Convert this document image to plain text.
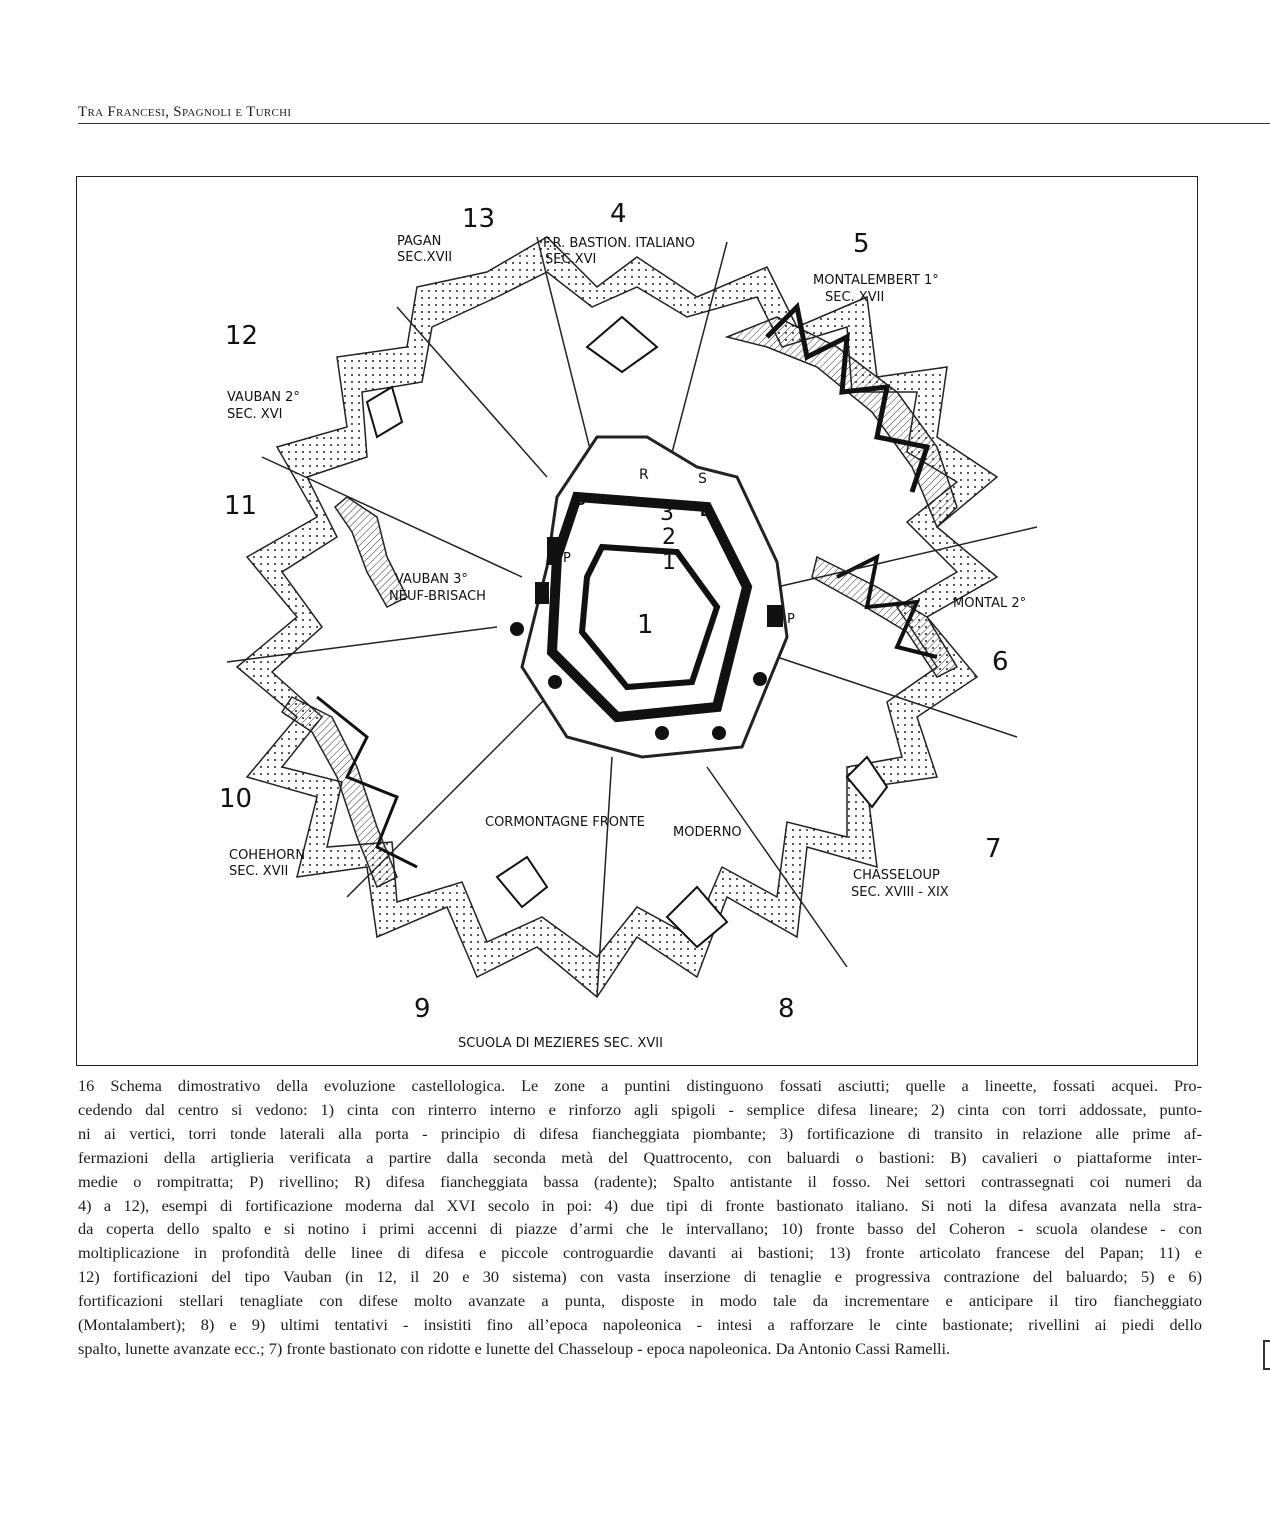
Tra Francesi, Spagnoli e Turchi
R	S
B
B
3
2
1
P
P
P
1
13	4
5
12
11
6
10
7
9	8
PAGAN
SEC.XVII
F.R. BASTION. ITALIANO
SEC.XVI
MONTALEMBERT 1°
SEC. XVII
VAUBAN 2°
SEC. XVI
VAUBAN 3°
NEUF-BRISACH	MONTAL 2°
COHEHORN
SEC. XVII
CORMONTAGNE FRONTE
MODERNO
CHASSELOUP
SEC. XVIII - XIX
SCUOLA DI MEZIERES SEC. XVII
16 Schema dimostrativo della evoluzione castellologica. Le zone a puntini distinguono fossati asciutti; quelle a lineette, fossati acquei. Pro-
cedendo dal centro si vedono: 1) cinta con rinterro interno e rinforzo agli spigoli - semplice difesa lineare; 2) cinta con torri addossate, punto-
ni ai vertici, torri tonde laterali alla porta - principio di difesa fiancheggiata piombante; 3) fortificazione di transito in relazione alle prime af-
fermazioni della artiglieria verificata a partire dalla seconda metà del Quattrocento, con baluardi o bastioni: B) cavalieri o piattaforme inter-
medie o rompitratta; P) rivellino; R) difesa fiancheggiata bassa (radente); Spalto antistante il fosso. Nei settori contrassegnati coi numeri da
4) a 12), esempi di fortificazione moderna dal XVI secolo in poi: 4) due tipi di fronte bastionato italiano. Si noti la difesa avanzata nella stra-
da coperta dello spalto e si notino i primi accenni di piazze d’armi che le intervallano; 10) fronte basso del Coheron - scuola olandese - con
moltiplicazione in profondità delle linee di difesa e piccole controguardie davanti ai bastioni; 13) fronte articolato francese del Papan; 11) e
12) fortificazioni del tipo Vauban (in 12, il 20 e 30 sistema) con vasta inserzione di tenaglie e progressiva contrazione del baluardo; 5) e 6)
fortificazioni stellari tenagliate con difese molto avanzate a punta, disposte in modo tale da incrementare e anticipare il tiro fiancheggiato
(Montalambert); 8) e 9) ultimi tentativi - insistiti fino all’epoca napoleonica - intesi a rafforzare le cinte bastionate; rivellini ai piedi dello
spalto, lunette avanzate ecc.; 7) fronte bastionato con ridotte e lunette del Chasseloup - epoca napoleonica. Da Antonio Cassi Ramelli.
